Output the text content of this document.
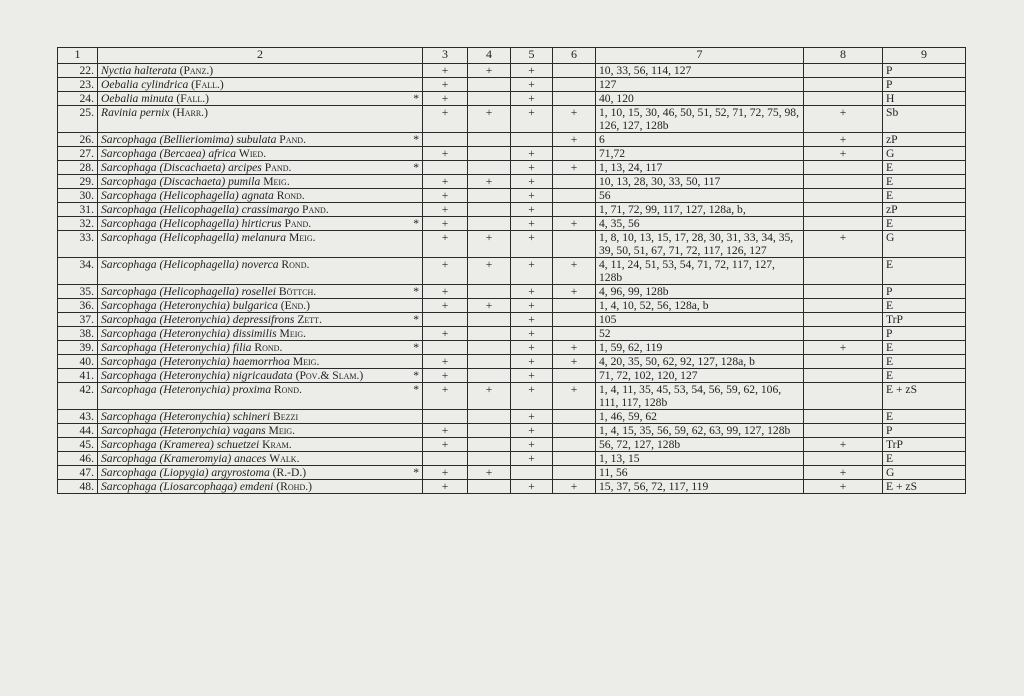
1	2	3	4	5	6	7	8	9
22.	Nyctia halterata (Panz.)	+	+	+		10, 33, 56, 114, 127		P
23.	Oebalia cylindrica (Fall.)	+		+		127		P
24.	Oebalia minuta (Fall.) *	+		+		40, 120		H
25.	Ravinia pernix (Harr.)	+	+	+	+	1, 10, 15, 30, 46, 50, 51, 52, 71, 72, 75, 98, 126, 127, 128b	+	Sb
26.	Sarcophaga (Bellieriomima) subulata Pand. *				+	6	+	zP
27.	Sarcophaga (Bercaea) africa Wied.	+		+		71,72	+	G
28.	Sarcophaga (Discachaeta) arcipes Pand. *			+	+	1, 13, 24, 117		E
29.	Sarcophaga (Discachaeta) pumila Meig.	+	+	+		10, 13, 28, 30, 33, 50, 117		E
30.	Sarcophaga (Helicophagella) agnata Rond.	+		+		56		E
31.	Sarcophaga (Helicophagella) crassimargo Pand.	+		+		1, 71, 72, 99, 117, 127, 128a, b,		zP
32.	Sarcophaga (Helicophagella) hirticrus Pand. *	+		+	+	4, 35, 56		E
33.	Sarcophaga (Helicophagella) melanura Meig.	+	+	+		1, 8, 10, 13, 15, 17, 28, 30, 31, 33, 34, 35, 39, 50, 51, 67, 71, 72, 117, 126, 127	+	G
34.	Sarcophaga (Helicophagella) noverca Rond.	+	+	+	+	4, 11, 24, 51, 53, 54, 71, 72, 117, 127, 128b		E
35.	Sarcophaga (Helicophagella) rosellei Böttch. *	+		+	+	4, 96, 99, 128b		P
36.	Sarcophaga (Heteronychia) bulgarica (End.)	+	+	+		1, 4, 10, 52, 56, 128a, b		E
37.	Sarcophaga (Heteronychia) depressifrons Zett. *			+		105		TrP
38.	Sarcophaga (Heteronychia) dissimilis Meig.	+		+		52		P
39.	Sarcophaga (Heteronychia) filia Rond. *			+	+	1, 59, 62, 119	+	E
40.	Sarcophaga (Heteronychia) haemorrhoa Meig.	+		+	+	4, 20, 35, 50, 62, 92, 127, 128a, b		E
41.	Sarcophaga (Heteronychia) nigricaudata (Pov.& Slam.) *	+		+		71, 72, 102, 120, 127		E
42.	Sarcophaga (Heteronychia) proxima Rond. *	+	+	+	+	1, 4, 11, 35, 45, 53, 54, 56, 59, 62, 106, 111, 117, 128b		E + zS
43.	Sarcophaga (Heteronychia) schineri Bezzi			+		1, 46, 59, 62		E
44.	Sarcophaga (Heteronychia) vagans Meig.	+		+		1, 4, 15, 35, 56, 59, 62, 63, 99, 127, 128b		P
45.	Sarcophaga (Kramerea) schuetzei Kram.	+		+		56, 72, 127, 128b	+	TrP
46.	Sarcophaga (Krameromyia) anaces Walk.			+		1, 13, 15		E
47.	Sarcophaga (Liopygia) argyrostoma (R.-D.) *	+	+			11, 56	+	G
48.	Sarcophaga (Liosarcophaga) emdeni (Rohd.)	+		+	+	15, 37, 56, 72, 117, 119	+	E + zS
